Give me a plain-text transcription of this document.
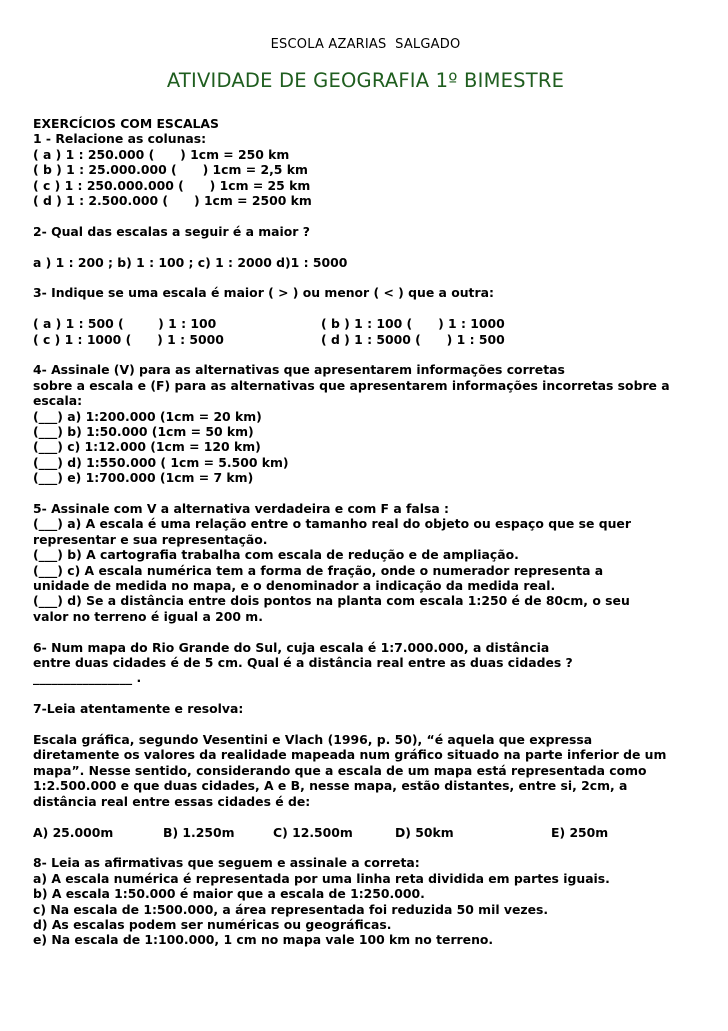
ESCOLA AZARIAS  SALGADO
ATIVIDADE DE GEOGRAFIA 1º BIMESTRE
EXERCÍCIOS COM ESCALAS
1 - Relacione as colunas:
( a ) 1 : 250.000 (      ) 1cm = 250 km
( b ) 1 : 25.000.000 (      ) 1cm = 2,5 km
( c ) 1 : 250.000.000 (      ) 1cm = 25 km
( d ) 1 : 2.500.000 (      ) 1cm = 2500 km
2- Qual das escalas a seguir é a maior ?
a ) 1 : 200 ; b) 1 : 100 ; c) 1 : 2000 d)1 : 5000
3- Indique se uma escala é maior ( > ) ou menor ( < ) que a outra:
( a ) 1 : 500 (        ) 1 : 100	( b ) 1 : 100 (      ) 1 : 1000
( c ) 1 : 1000 (      ) 1 : 5000	( d ) 1 : 5000 (      ) 1 : 500
4- Assinale (V) para as alternativas que apresentarem informações corretas
sobre a escala e (F) para as alternativas que apresentarem informações incorretas sobre a
escala:
(___) a) 1:200.000 (1cm = 20 km)
(___) b) 1:50.000 (1cm = 50 km)
(___) c) 1:12.000 (1cm = 120 km)
(___) d) 1:550.000 ( 1cm = 5.500 km)
(___) e) 1:700.000 (1cm = 7 km)
5- Assinale com V a alternativa verdadeira e com F a falsa :
(___) a) A escala é uma relação entre o tamanho real do objeto ou espaço que se quer
representar e sua representação.
(___) b) A cartografia trabalha com escala de redução e de ampliação.
(___) c) A escala numérica tem a forma de fração, onde o numerador representa a
unidade de medida no mapa, e o denominador a indicação da medida real.
(___) d) Se a distância entre dois pontos na planta com escala 1:250 é de 80cm, o seu
valor no terreno é igual a 200 m.
6- Num mapa do Rio Grande do Sul, cuja escala é 1:7.000.000, a distância
entre duas cidades é de 5 cm. Qual é a distância real entre as duas cidades ?
________________ .
7-Leia atentamente e resolva:
Escala gráfica, segundo Vesentini e Vlach (1996, p. 50), “é aquela que expressa
diretamente os valores da realidade mapeada num gráfico situado na parte inferior de um
mapa”. Nesse sentido, considerando que a escala de um mapa está representada como
1:2.500.000 e que duas cidades, A e B, nesse mapa, estão distantes, entre si, 2cm, a
distância real entre essas cidades é de:
A) 25.000m	B) 1.250m	C) 12.500m	D) 50km	E) 250m
8- Leia as afirmativas que seguem e assinale a correta:
a) A escala numérica é representada por uma linha reta dividida em partes iguais.
b) A escala 1:50.000 é maior que a escala de 1:250.000.
c) Na escala de 1:500.000, a área representada foi reduzida 50 mil vezes.
d) As escalas podem ser numéricas ou geográficas.
e) Na escala de 1:100.000, 1 cm no mapa vale 100 km no terreno.
